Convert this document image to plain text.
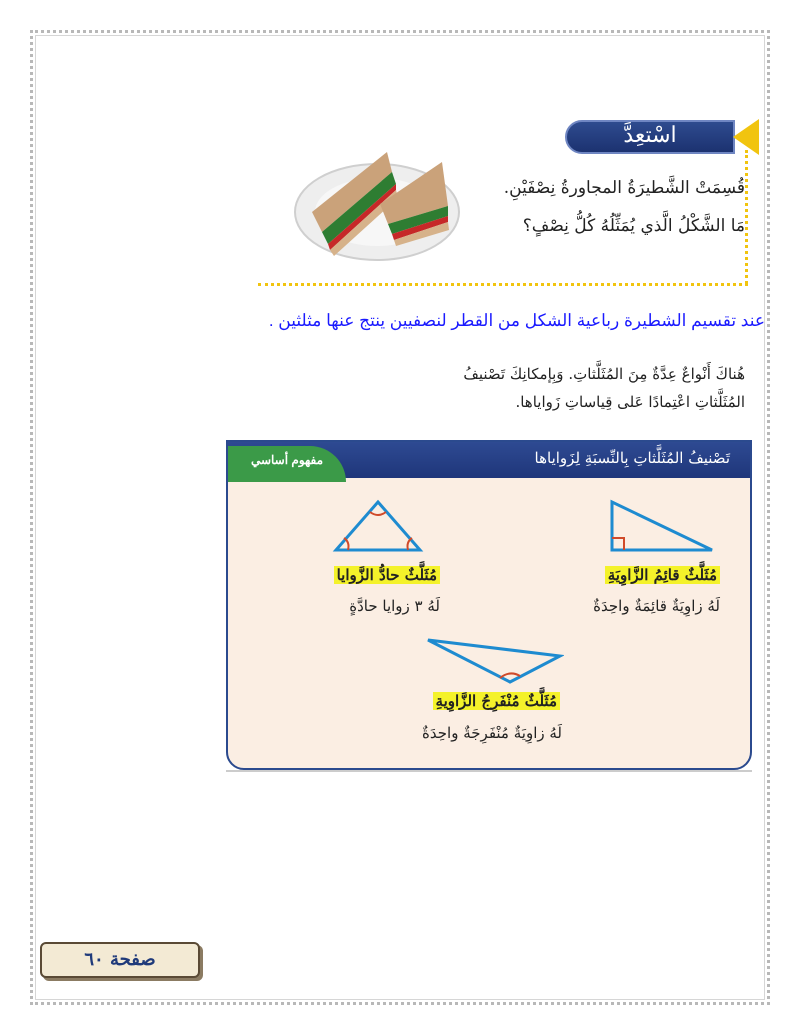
اسْتعِدَّ
قُسِمَتْ الشَّطيرَةُ المجاورةُ نِصْفَيْنِ.
مَا الشَّكْلُ الَّذي يُمَثِّلُهُ كُلُّ نِصْفٍ؟
عند تقسيم الشطيرة رباعية الشكل من القطر لنصفيين ينتج عنها مثلثين .
هُناكَ أَنْواعٌ عِدَّةٌ مِنَ المُثَلَّثاتِ. وَبِإمكانِكَ تَصْنيفُ
المُثَلَّثاتِ اعْتِمادًا عَلى قِياساتِ زَواياها.
تَصْنيفُ المُثَلَّثاتِ بِالنِّسبَةِ لِزَواياها
مفهوم أساسي
مُثَلَّثٌ قائِمُ الزَّاوِيَةِ
لَهُ زاوِيَةٌ قائِمَةٌ واحِدَةٌ
مُثَلَّثٌ حادُّ الزَّوايا
لَهُ ٣ زوايا حادَّةٍ
مُثَلَّثٌ مُنْفَرِجُ الزَّاوِيةِ
لَهُ زاوِيَةٌ مُنْفَرِجَةٌ واحِدَةٌ
صفحة ٦٠
